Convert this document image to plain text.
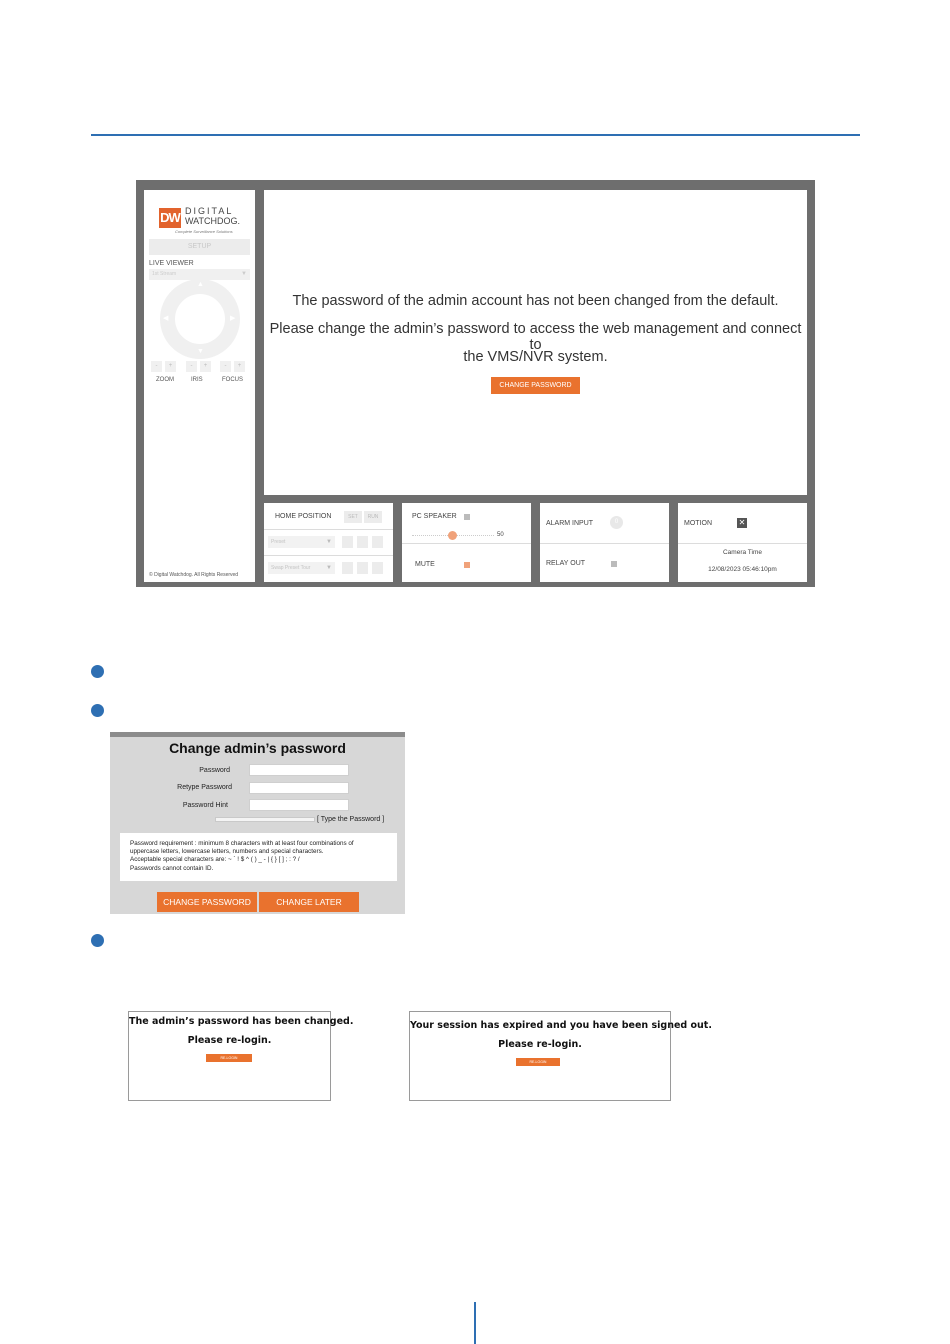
DW DIGITAL
WATCHDOG.
Complete Surveillance Solutions
SETUP
LIVE VIEWER
1st Stream	▼
▲
▼
◀	▶
-	+	-	+	-	+
ZOOM	IRIS	FOCUS
© Digital Watchdog. All Rights Reserved
The password of the admin account has not been changed from the default.
Please change the admin’s password to access the web management and connect to
the VMS/NVR system.
CHANGE PASSWORD
HOME POSITION	SET	RUN
Preset	▼
Swap Preset Tour	▼
PC SPEAKER
50
MUTE
ALARM INPUT	0
RELAY OUT
MOTION	✕
Camera Time
12/08/2023 05:46:10pm
Change admin’s password
Password
Retype Password
Password Hint
[ Type the Password ]
Password requirement : minimum 8 characters with at least four combinations of
uppercase letters, lowercase letters, numbers and special characters.
Acceptable special characters are: ~ ` ! $ ^ ( ) _ - | { } [ ] ; : ? /
Passwords cannot contain ID.
CHANGE PASSWORD	CHANGE LATER
The admin’s password has been changed.
Please re-login.
RE-LOGIN
Your session has expired and you have been signed out.
Please re-login.
RE-LOGIN
